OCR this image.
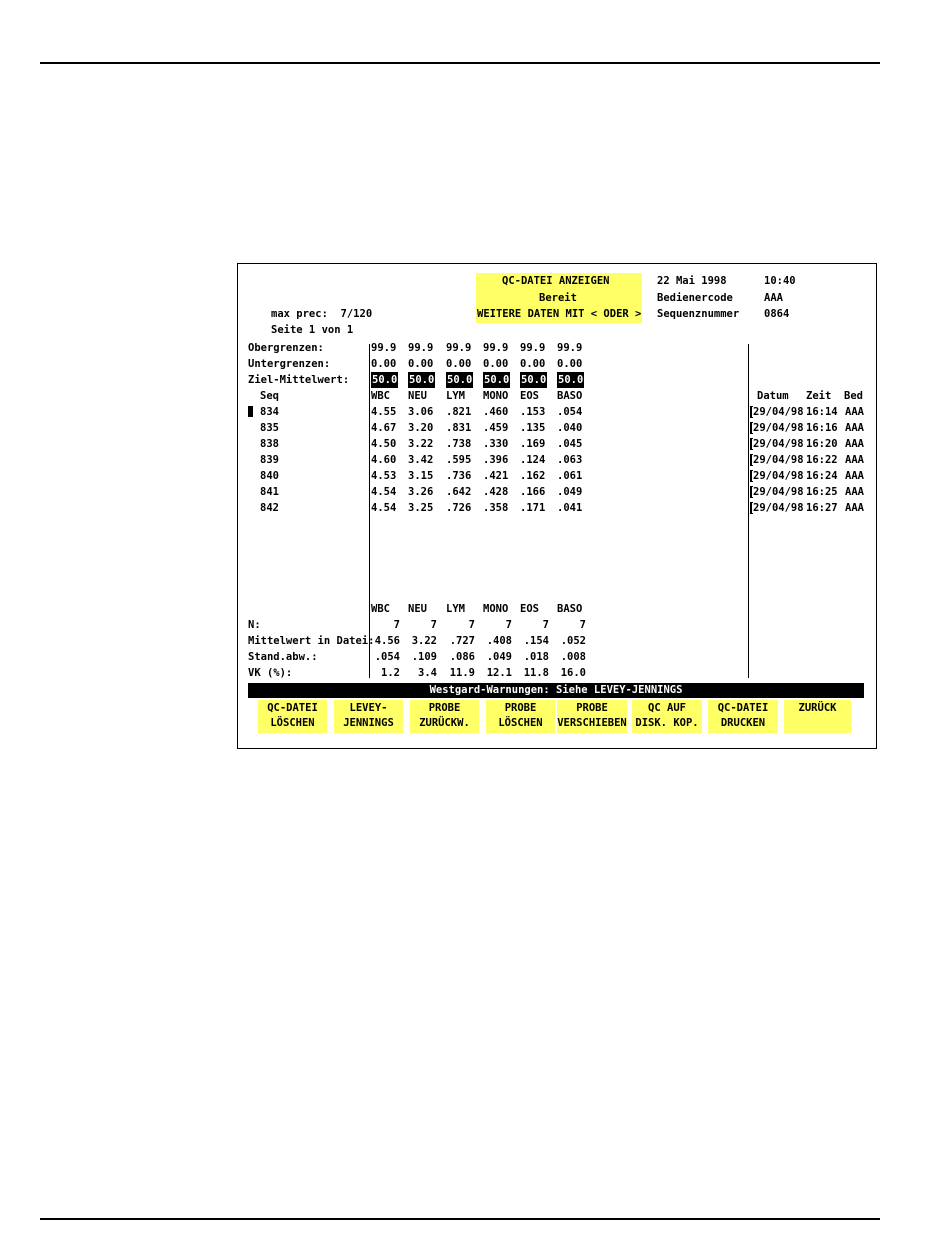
QC-DATEI ANZEIGEN
Bereit
WEITERE DATEN MIT < ODER >
22 Mai 1998	10:40
Bedienercode	AAA
Sequenznummer 0864
max prec:  7/120
Seite 1 von 1
Obergrenzen:	99.9 99.9 99.9 99.9 99.9 99.9
Untergrenzen:	0.00 0.00 0.00 0.00 0.00 0.00
Ziel-Mittelwert: 50.0 50.0 50.0 50.0 50.0 50.0
Seq	WBC NEU LYM MONO EOS BASO	Datum Zeit Bed
834	4.55 3.06 .821 .460 .153 .054	29/04/98 16:14 AAA
835	4.67 3.20 .831 .459 .135 .040	29/04/98 16:16 AAA
838	4.50 3.22 .738 .330 .169 .045	29/04/98 16:20 AAA
839	4.60 3.42 .595 .396 .124 .063	29/04/98 16:22 AAA
840	4.53 3.15 .736 .421 .162 .061	29/04/98 16:24 AAA
841	4.54 3.26 .642 .428 .166 .049	29/04/98 16:25 AAA
842	4.54 3.25 .726 .358 .171 .041	29/04/98 16:27 AAA
WBC NEU LYM MONO EOS BASO
N:	7	7	7	7	7	7
Mittelwert in Datei: 4.56 3.22 .727 .408 .154 .052
Stand.abw.:	.054 .109 .086 .049 .018 .008
VK (%):	1.2 3.4 11.9 12.1 11.8 16.0
Westgard-Warnungen: Siehe LEVEY-JENNINGS
QC-DATEI
LÖSCHEN
LEVEY-
JENNINGS
PROBE
ZURÜCKW.
PROBE
LÖSCHEN
PROBE
VERSCHIEBEN
QC AUF
DISK. KOP.
QC-DATEI
DRUCKEN
ZURÜCK
